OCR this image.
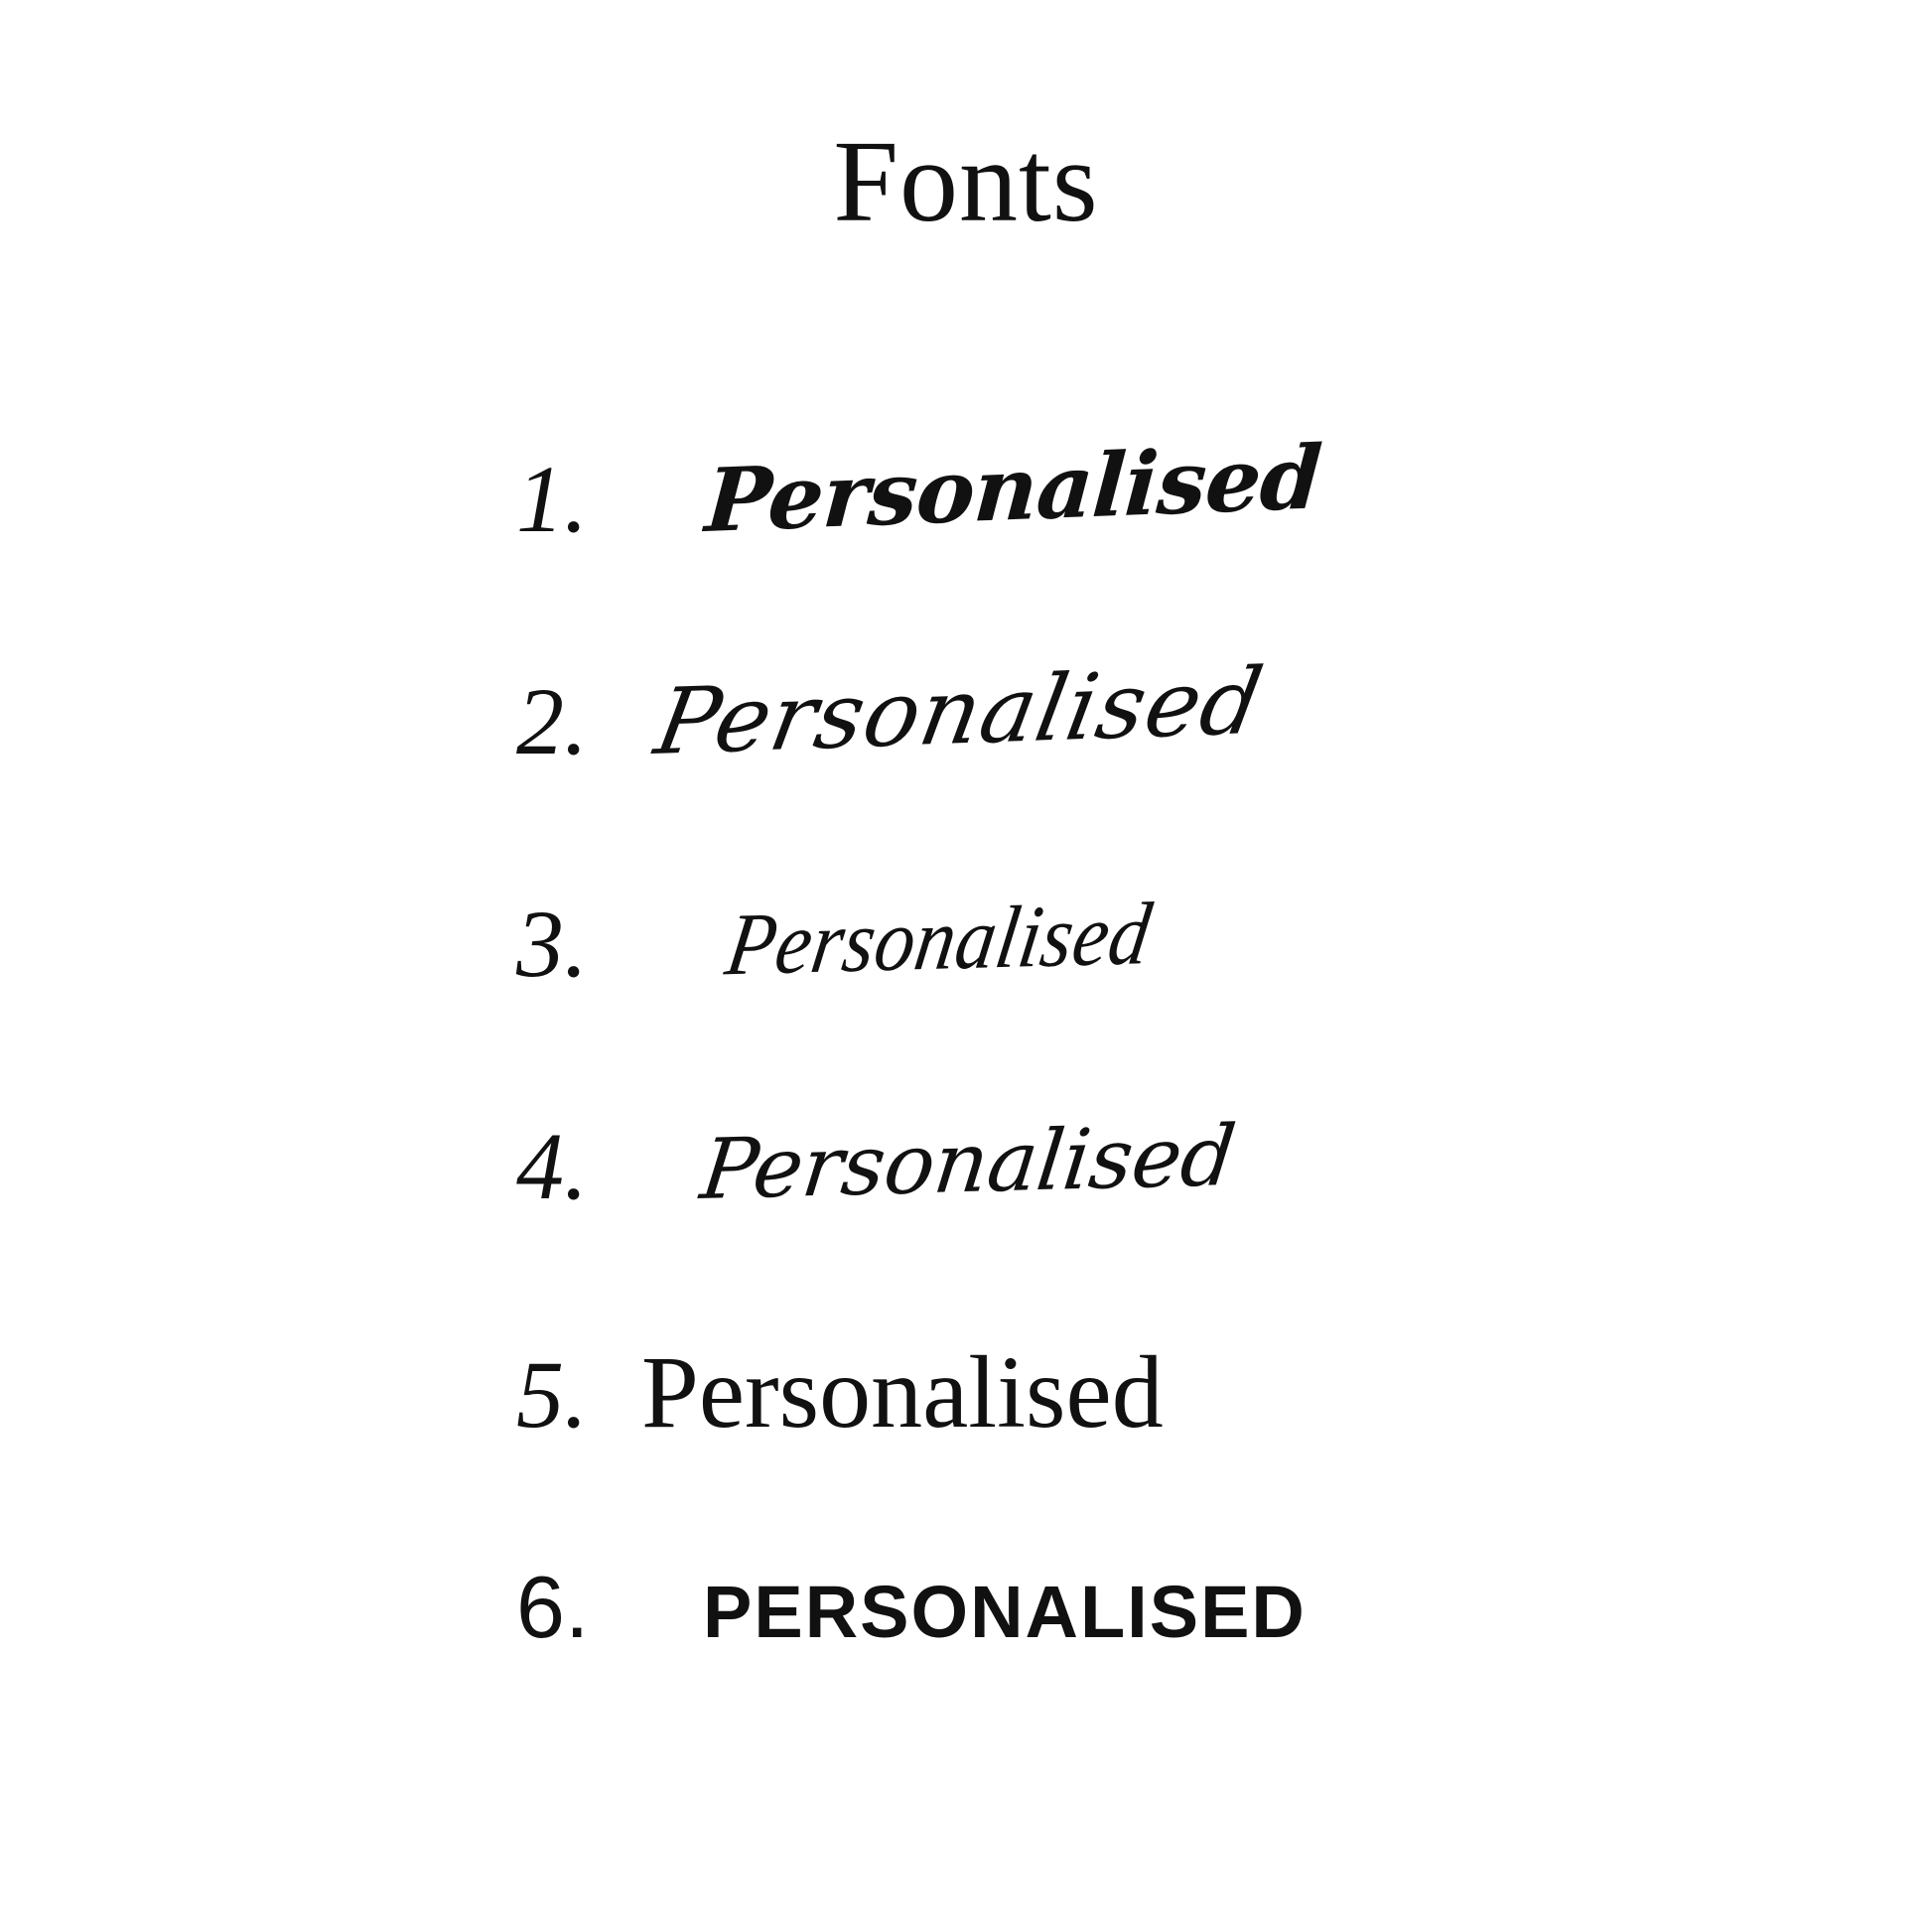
Fonts
1.	Personalised
2. Personalised
3.	Personalised
4.	Personalised
5. Personalised
6.	PERSONALISED
